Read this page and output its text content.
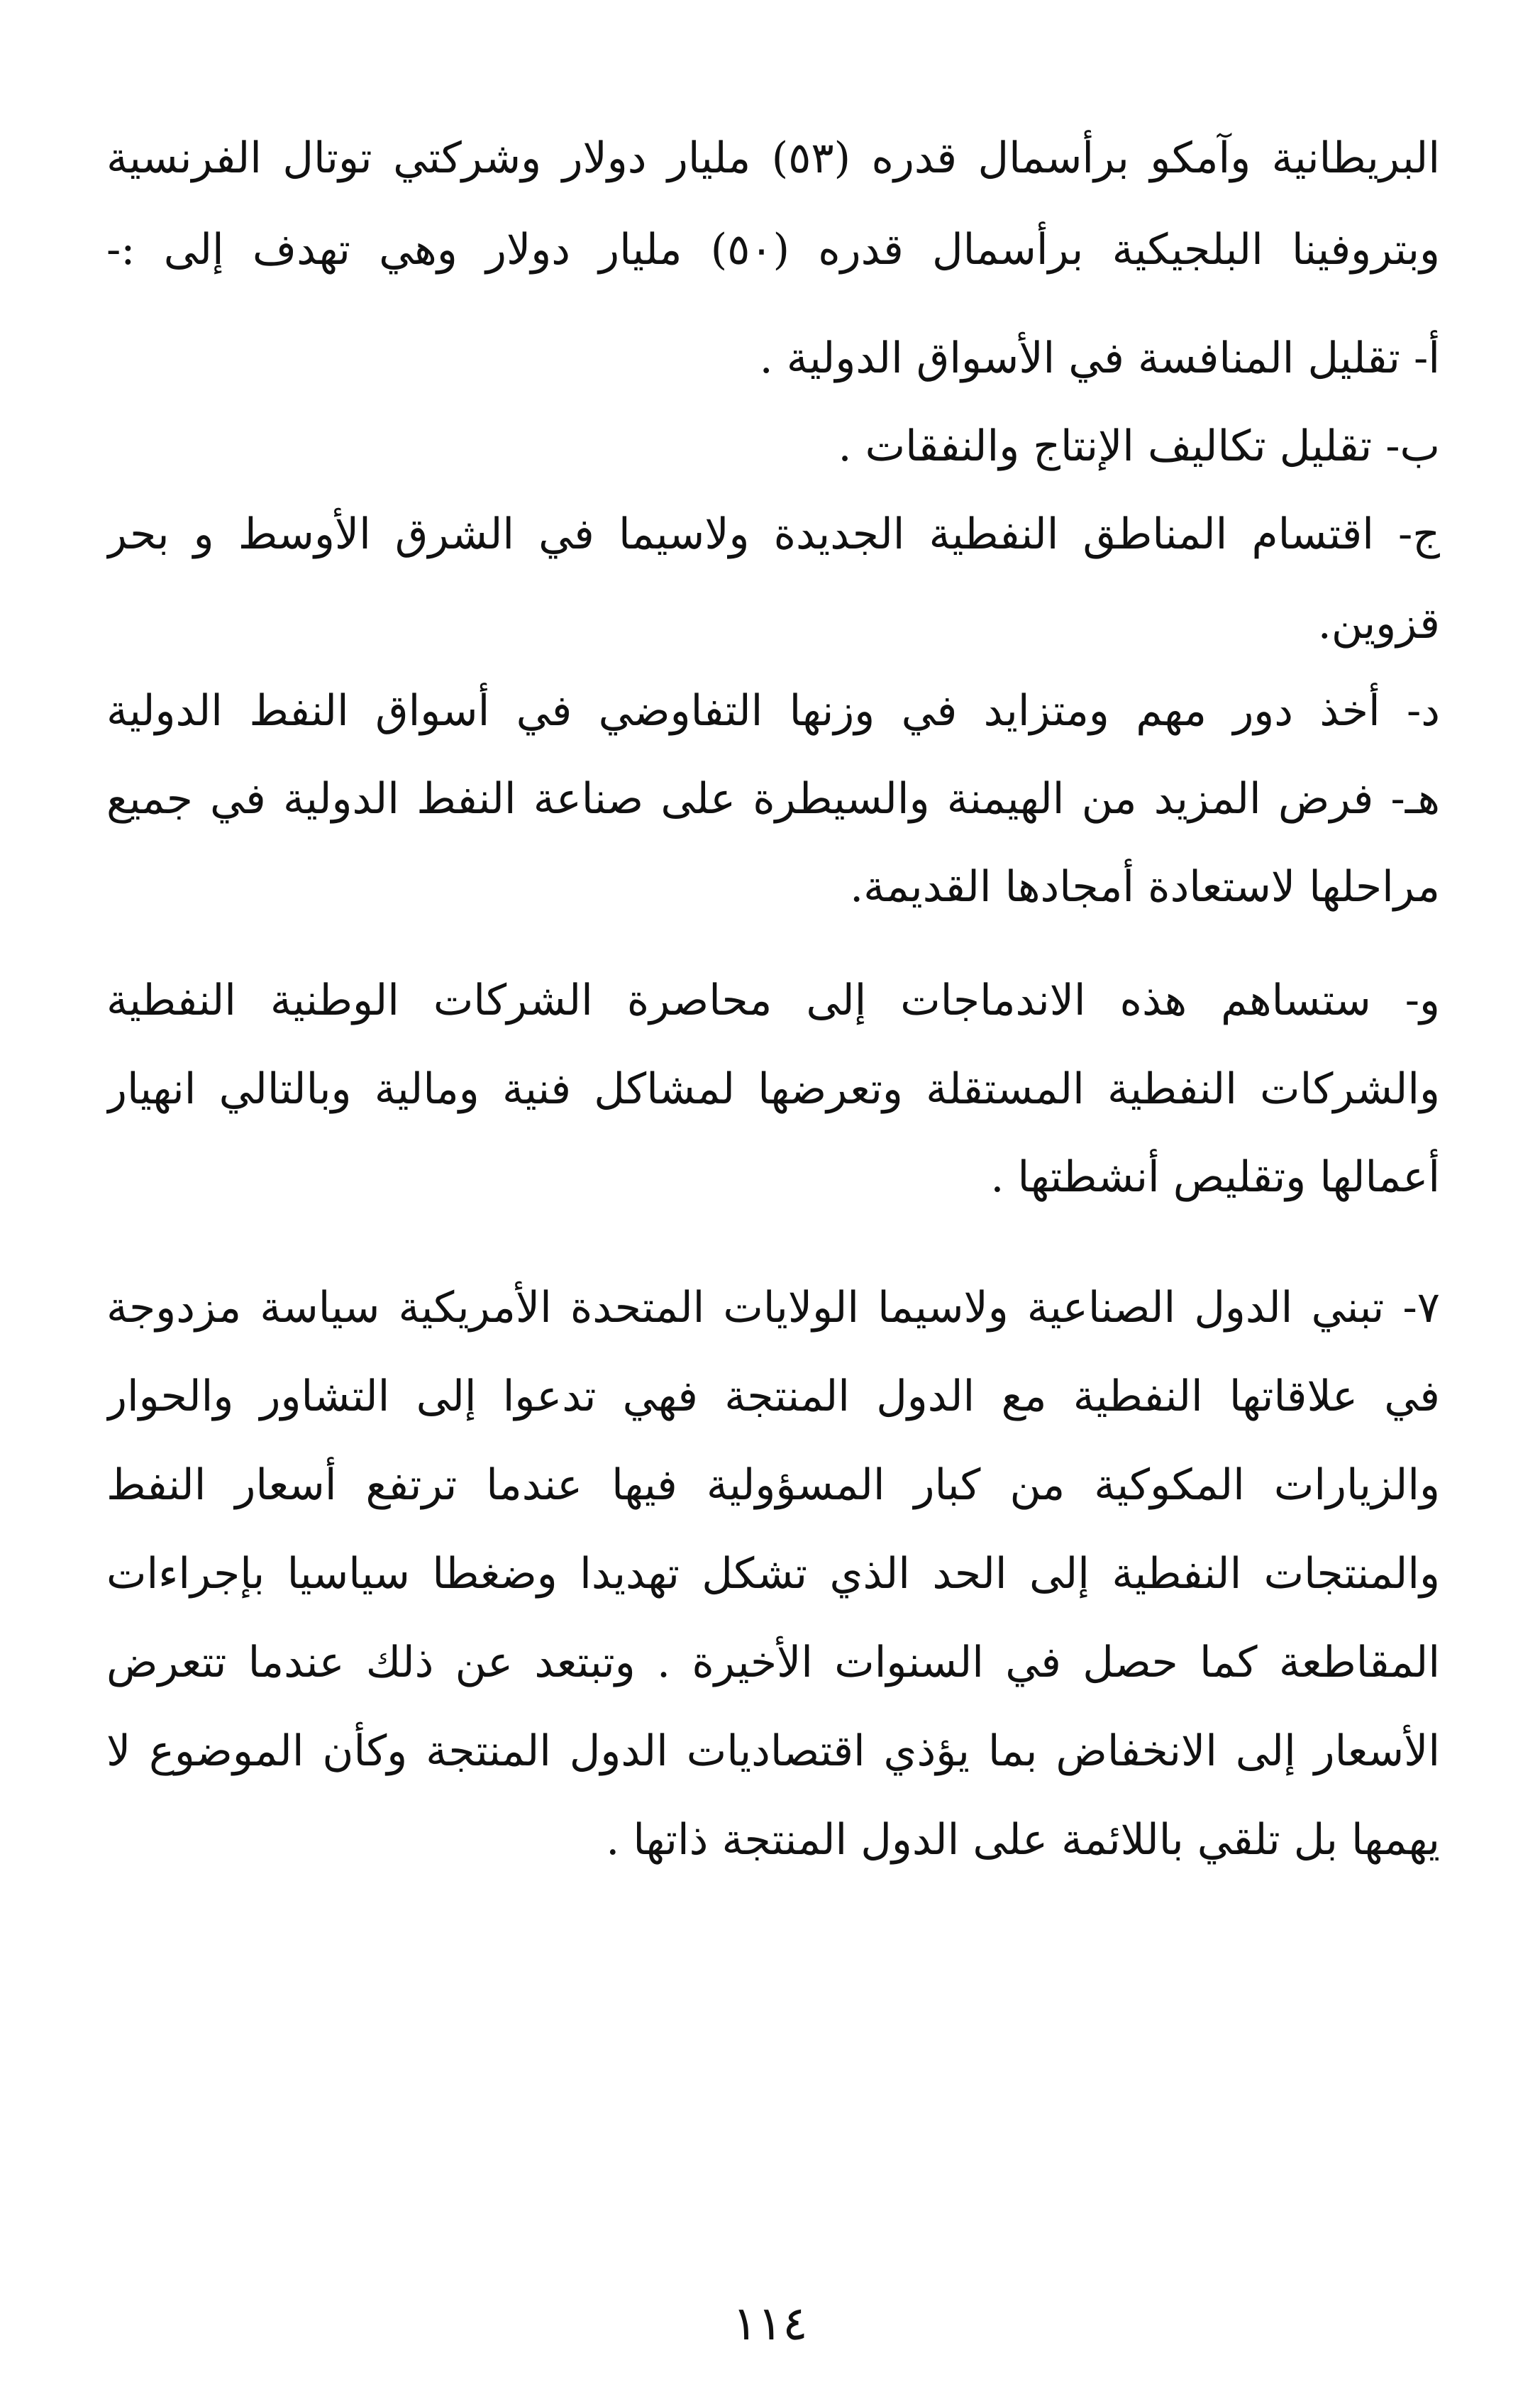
البريطانية وآمكو برأسمال قدره (٥٣) مليار دولار وشركتي توتال الفرنسية
وبتروفينا البلجيكية برأسمال قدره (٥٠) مليار دولار وهي تهدف إلى :-
أ- تقليل المنافسة في الأسواق الدولية .
ب- تقليل تكاليف الإنتاج والنفقات .
ج- اقتسام المناطق النفطية الجديدة ولاسيما في الشرق الأوسط و بحر
قزوين.
د- أخذ دور مهم ومتزايد في وزنها التفاوضي في أسواق النفط الدولية
هـ- فرض المزيد من الهيمنة والسيطرة على صناعة النفط الدولية في جميع
مراحلها لاستعادة أمجادها القديمة.
و- ستساهم هذه الاندماجات إلى محاصرة الشركات الوطنية النفطية
والشركات النفطية المستقلة وتعرضها لمشاكل فنية ومالية وبالتالي انهيار
أعمالها وتقليص أنشطتها .
٧- تبني الدول الصناعية ولاسيما الولايات المتحدة الأمريكية سياسة مزدوجة
في علاقاتها النفطية مع الدول المنتجة فهي تدعوا إلى التشاور والحوار
والزيارات المكوكية من كبار المسؤولية فيها عندما ترتفع أسعار النفط
والمنتجات النفطية إلى الحد الذي تشكل تهديدا وضغطا سياسيا بإجراءات
المقاطعة كما حصل في السنوات الأخيرة . وتبتعد عن ذلك عندما تتعرض
الأسعار إلى الانخفاض بما يؤذي اقتصاديات الدول المنتجة وكأن الموضوع لا
يهمها بل تلقي باللائمة على الدول المنتجة ذاتها .
١١٤
